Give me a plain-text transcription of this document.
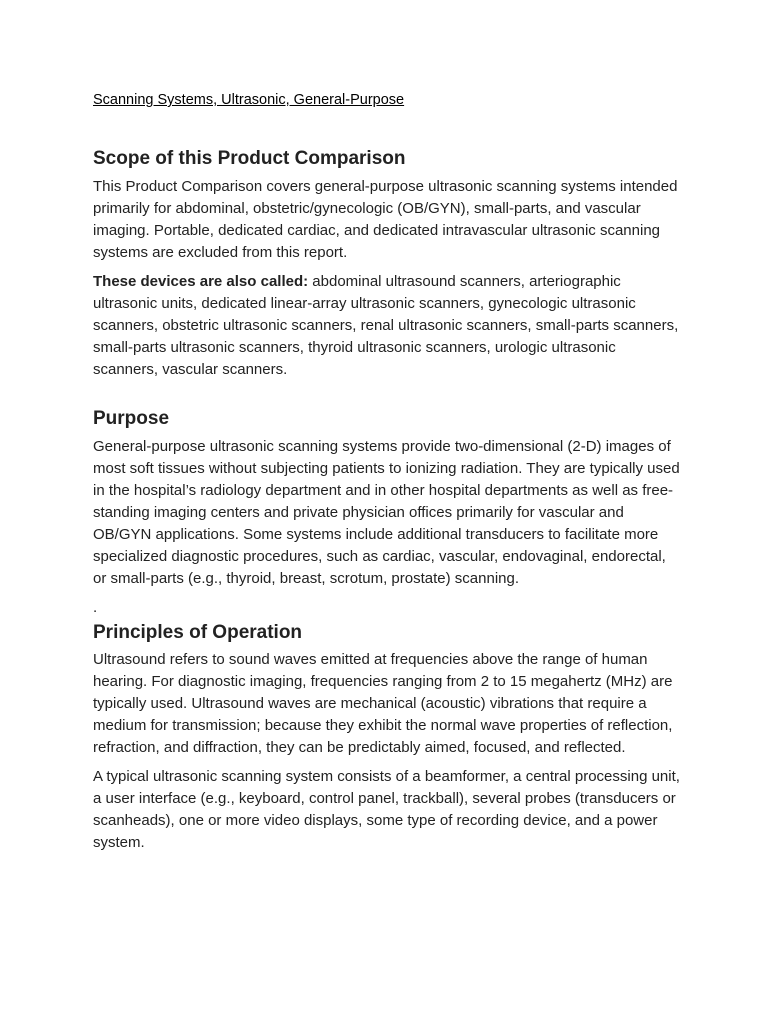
Scanning Systems, Ultrasonic, General-Purpose
Scope of this Product Comparison

This Product Comparison covers general-purpose ultrasonic scanning systems intended primarily for abdominal, obstetric/gynecologic (OB/GYN), small-parts, and vascular imaging. Portable, dedicated cardiac, and dedicated intravascular ultrasonic scanning systems are excluded from this report.

These devices are also called: abdominal ultrasound scanners, arteriographic ultrasonic units, dedicated linear-array ultrasonic scanners, gynecologic ultrasonic scanners, obstetric ultrasonic scanners, renal ultrasonic scanners, small-parts scanners, small-parts ultrasonic scanners, thyroid ultrasonic scanners, urologic ultrasonic scanners, vascular scanners.

Purpose

General-purpose ultrasonic scanning systems provide two-dimensional (2-D) images of most soft tissues without subjecting patients to ionizing radiation. They are typically used in the hospital’s radiology department and in other hospital departments as well as free-standing imaging centers and private physician offices primarily for vascular and OB/GYN applications. Some systems include additional transducers to facilitate more specialized diagnostic procedures, such as cardiac, vascular, endovaginal, endorectal, or small-parts (e.g., thyroid, breast, scrotum, prostate) scanning.

.

Principles of Operation

Ultrasound refers to sound waves emitted at frequencies above the range of human hearing. For diagnostic imaging, frequencies ranging from 2 to 15 megahertz (MHz) are typically used. Ultrasound waves are mechanical (acoustic) vibrations that require a medium for transmission; because they exhibit the normal wave properties of reflection, refraction, and diffraction, they can be predictably aimed, focused, and reflected.

A typical ultrasonic scanning system consists of a beamformer, a central processing unit, a user interface (e.g., keyboard, control panel, trackball), several probes (transducers or scanheads), one or more video displays, some type of recording device, and a power system.
